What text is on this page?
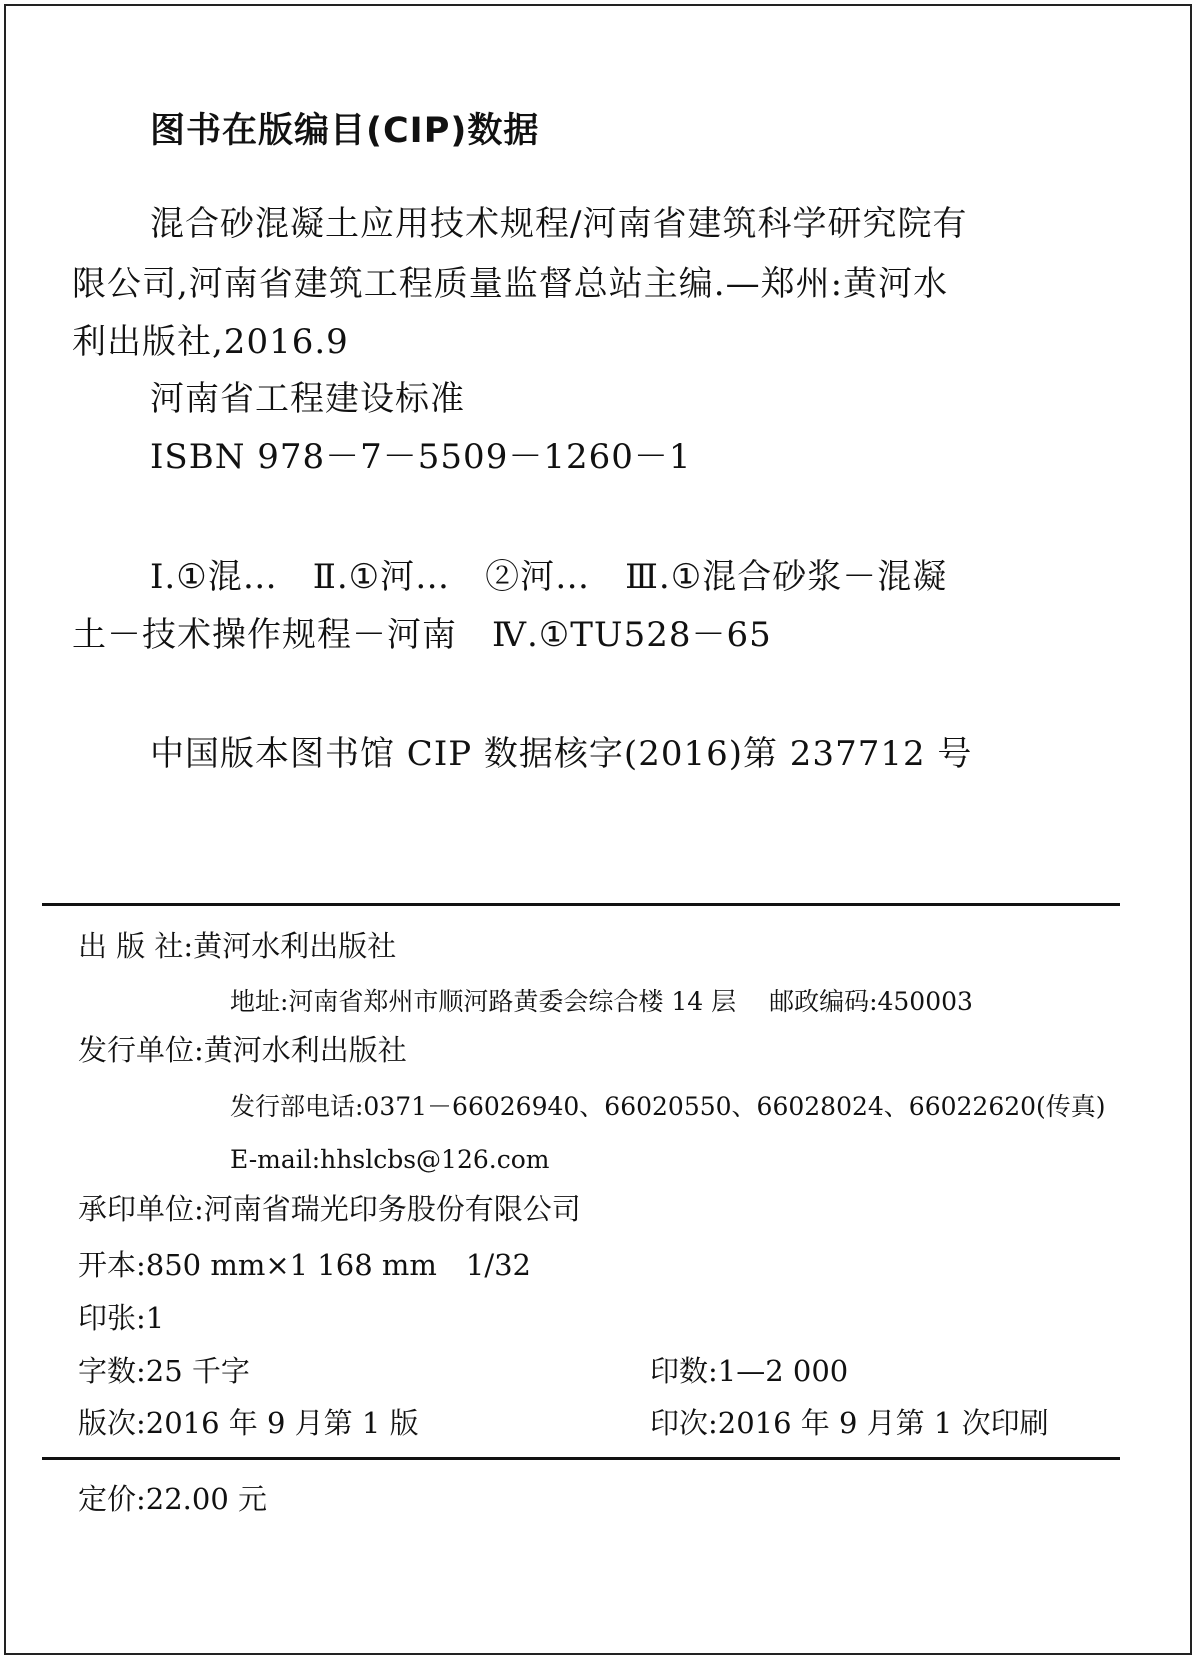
图书在版编目(CIP)数据
混合砂混凝土应用技术规程/河南省建筑科学研究院有
限公司,河南省建筑工程质量监督总站主编.—郑州:黄河水
利出版社,2016.9
河南省工程建设标准
ISBN 978－7－5509－1260－1
Ⅰ.①混…　Ⅱ.①河…　②河…　Ⅲ.①混合砂浆－混凝
土－技术操作规程－河南　Ⅳ.①TU528－65
中国版本图书馆 CIP 数据核字(2016)第 237712 号
出 版 社:黄河水利出版社
地址:河南省郑州市顺河路黄委会综合楼 14 层　 邮政编码:450003
发行单位:黄河水利出版社
发行部电话:0371－66026940、66020550、66028024、66022620(传真)
E-mail:hhslcbs@126.com
承印单位:河南省瑞光印务股份有限公司
开本:850 mm×1 168 mm　1/32
印张:1
字数:25 千字	印数:1—2 000
版次:2016 年 9 月第 1 版	印次:2016 年 9 月第 1 次印刷
定价:22.00 元
